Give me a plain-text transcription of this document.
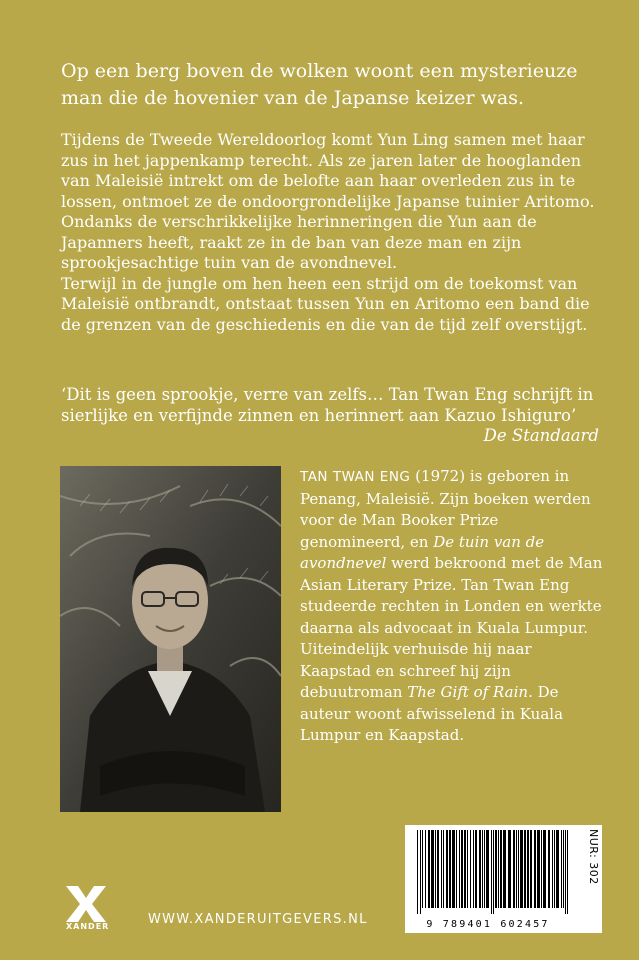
Op een berg boven de wolken woont een mysterieuze man die de hovenier van de Japanse keizer was.

Tijdens de Tweede Wereldoorlog komt Yun Ling samen met haar zus in het jappenkamp terecht. Als ze jaren later de hooglanden van Maleisië intrekt om de belofte aan haar overleden zus in te lossen, ontmoet ze de ondoorgrondelijke Japanse tuinier Aritomo.

Ondanks de verschrikkelijke herinneringen die Yun aan de Japanners heeft, raakt ze in de ban van deze man en zijn sprookjesachtige tuin van de avondnevel.

Terwijl in de jungle om hen heen een strijd om de toekomst van Maleisië ontbrandt, ontstaat tussen Yun en Aritomo een band die de grenzen van de geschiedenis en die van de tijd zelf overstijgt.

‘Dit is geen sprookje, verre van zelfs… Tan Twan Eng schrijft in sierlijke en verfijnde zinnen en herinnert aan Kazuo Ishiguro’

De Standaard

TAN TWAN ENG (1972) is geboren in Penang, Maleisië. Zijn boeken werden voor de Man Booker Prize genomineerd, en De tuin van de avondnevel werd bekroond met de Man Asian Literary Prize. Tan Twan Eng studeerde rechten in Londen en werkte daarna als advocaat in Kuala Lumpur. Uiteindelijk verhuisde hij naar Kaapstad en schreef hij zijn debuutroman The Gift of Rain. De auteur woont afwisselend in Kuala Lumpur en Kaapstad.

XANDER	WWW.XANDERUITGEVERS.NL	9 789401 602457
NUR: 302
